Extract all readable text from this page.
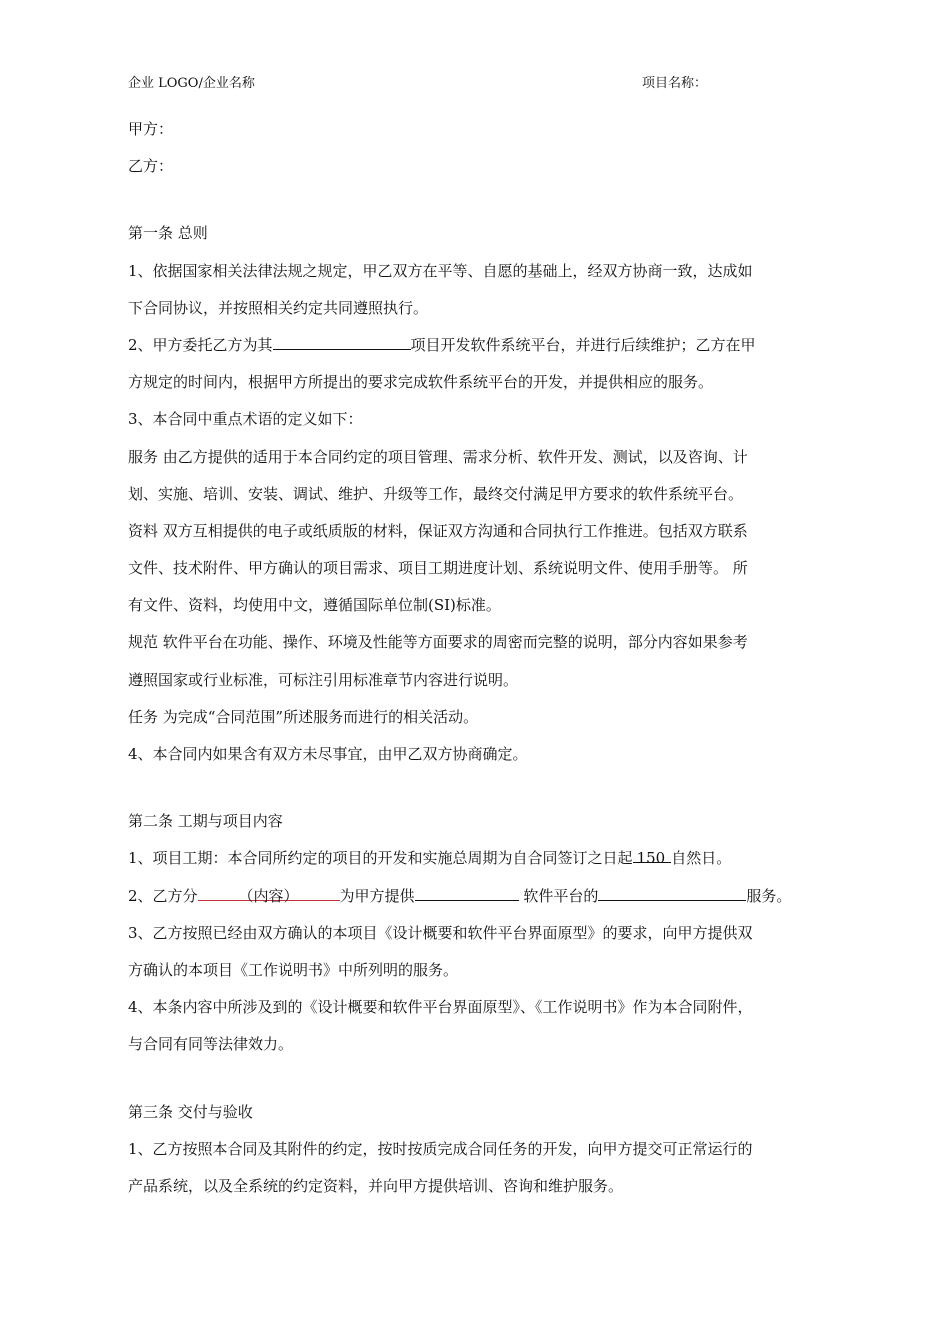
企业 LOGO/企业名称	项目名称：
甲方：
乙方：
第一条 总则
1、依据国家相关法律法规之规定，甲乙双方在平等、自愿的基础上，经双方协商一致，达成如
下合同协议，并按照相关约定共同遵照执行。
2、甲方委托乙方为其	项目开发软件系统平台，并进行后续维护；乙方在甲
方规定的时间内，根据甲方所提出的要求完成软件系统平台的开发，并提供相应的服务。
3、本合同中重点术语的定义如下：
服务 由乙方提供的适用于本合同约定的项目管理、需求分析、软件开发、测试，以及咨询、计
划、实施、培训、安装、调试、维护、升级等工作，最终交付满足甲方要求的软件系统平台。
资料 双方互相提供的电子或纸质版的材料，保证双方沟通和合同执行工作推进。包括双方联系
文件、技术附件、甲方确认的项目需求、项目工期进度计划、系统说明文件、使用手册等。 所
有文件、资料，均使用中文，遵循国际单位制(SI)标准。
规范 软件平台在功能、操作、环境及性能等方面要求的周密而完整的说明，部分内容如果参考
遵照国家或行业标准，可标注引用标准章节内容进行说明。
任务 为完成“合同范围”所述服务而进行的相关活动。
4、本合同内如果含有双方未尽事宜，由甲乙双方协商确定。
第二条 工期与项目内容
1、项目工期：本合同所约定的项目的开发和实施总周期为自合同签订之日起 150 自然日。
2、乙方分	（内容）	为甲方提供	软件平台的	服务。
3、乙方按照已经由双方确认的本项目《设计概要和软件平台界面原型》的要求，向甲方提供双
方确认的本项目《工作说明书》中所列明的服务。
4、本条内容中所涉及到的《设计概要和软件平台界面原型》、《工作说明书》作为本合同附件，
与合同有同等法律效力。
第三条 交付与验收
1、乙方按照本合同及其附件的约定，按时按质完成合同任务的开发，向甲方提交可正常运行的
产品系统，以及全系统的约定资料，并向甲方提供培训、咨询和维护服务。
